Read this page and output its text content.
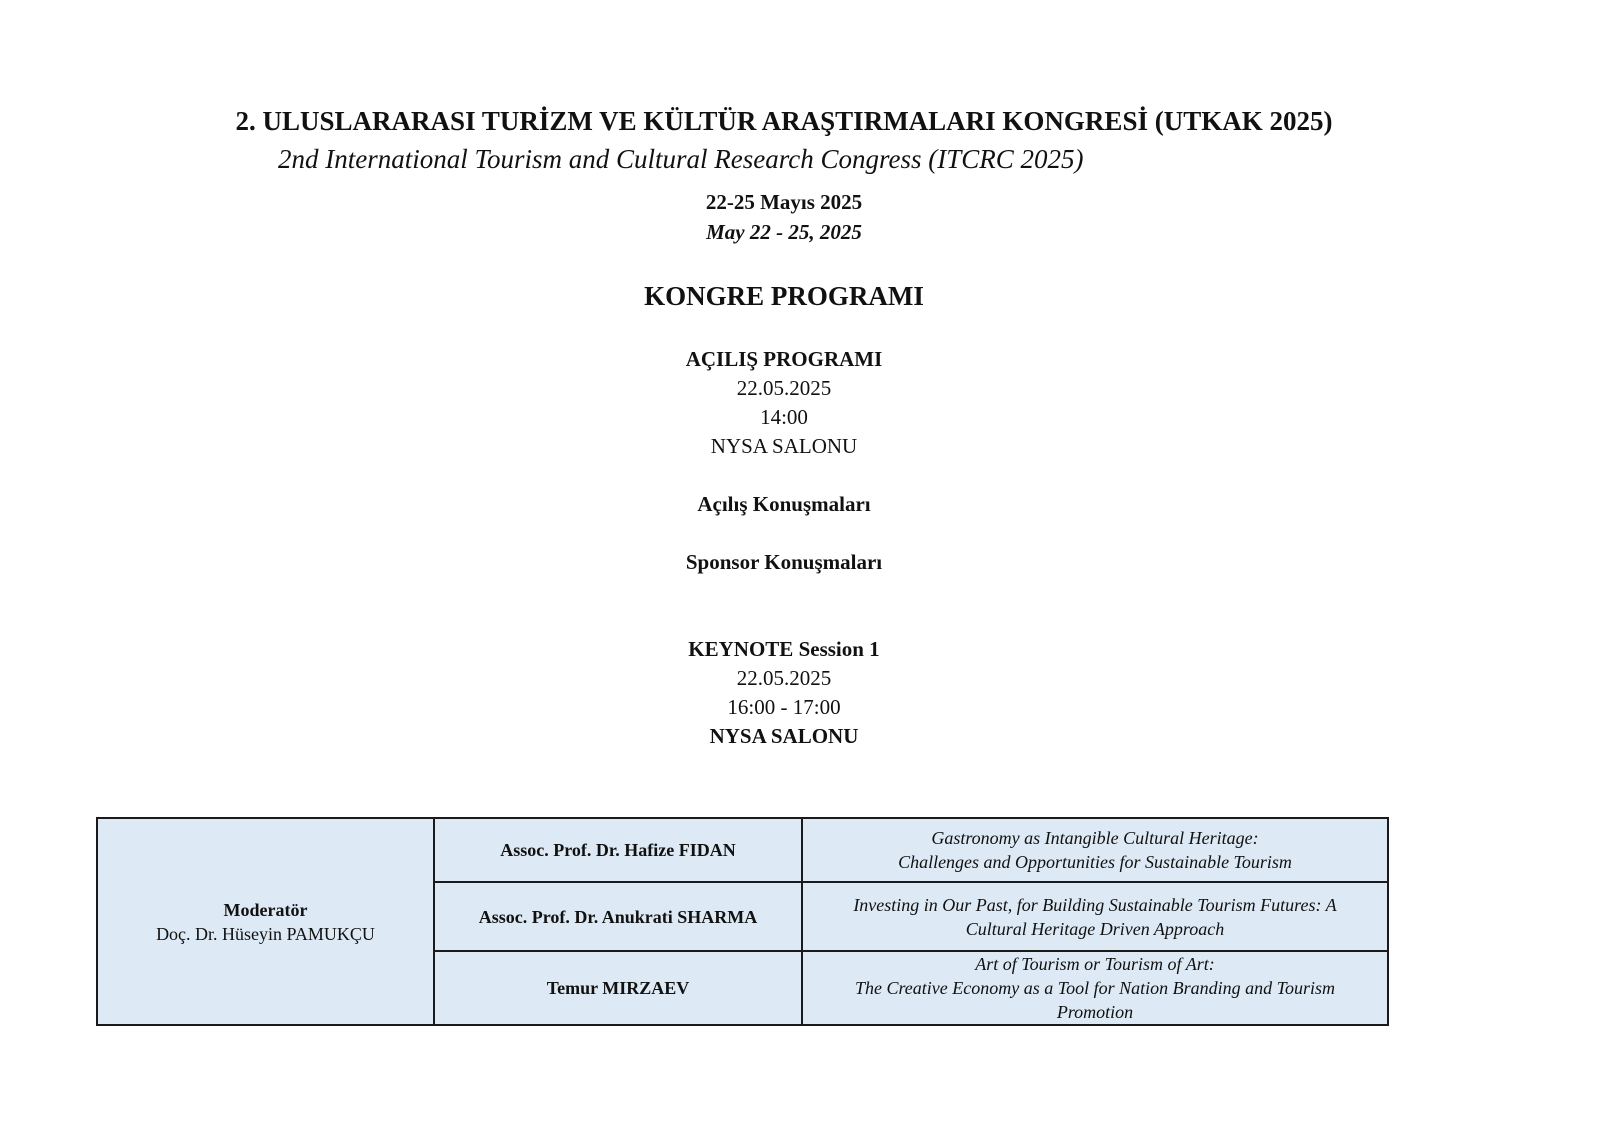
2. ULUSLARARASI TURİZM VE KÜLTÜR ARAŞTIRMALARI KONGRESİ (UTKAK 2025)
2nd International Tourism and Cultural Research Congress (ITCRC 2025)
22-25 Mayıs 2025
May 22 - 25, 2025
KONGRE PROGRAMI
AÇILIŞ PROGRAMI
22.05.2025
14:00
NYSA SALONU
Açılış Konuşmaları
Sponsor Konuşmaları
KEYNOTE Session 1
22.05.2025
16:00 - 17:00
NYSA SALONU
Moderatör
Doç. Dr. Hüseyin PAMUKÇU	Assoc. Prof. Dr. Hafize FIDAN	Gastronomy as Intangible Cultural Heritage:
Challenges and Opportunities for Sustainable Tourism

	Assoc. Prof. Dr. Anukrati SHARMA	Investing in Our Past, for Building Sustainable Tourism Futures: A
Cultural Heritage Driven Approach

	Temur MIRZAEV	Art of Tourism or Tourism of Art:
The Creative Economy as a Tool for Nation Branding and Tourism
Promotion
